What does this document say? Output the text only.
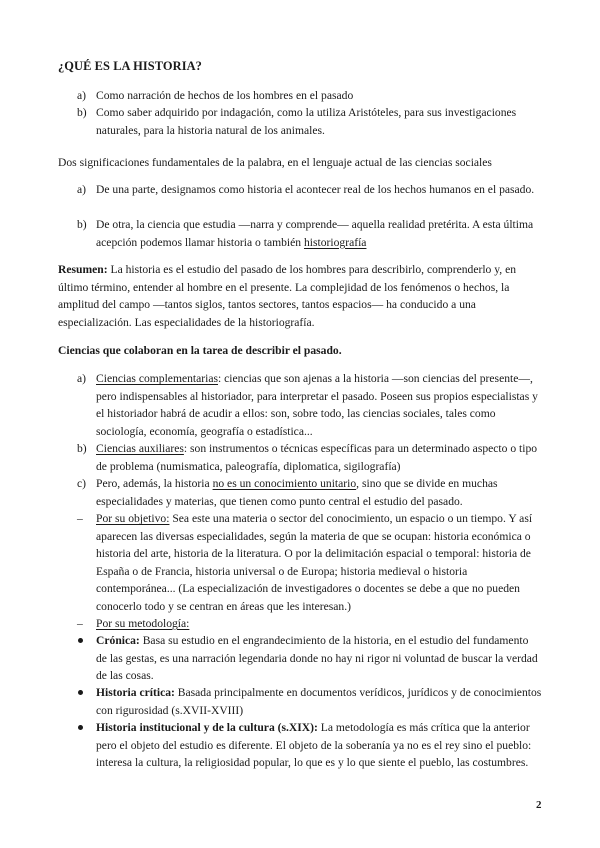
¿QUÉ ES LA HISTORIA?
a) Como narración de hechos de los hombres en el pasado
b) Como saber adquirido por indagación, como la utiliza Aristóteles, para sus investigaciones naturales, para la historia natural de los animales.
Dos significaciones fundamentales de la palabra, en el lenguaje actual de las ciencias sociales
a) De una parte, designamos como historia el acontecer real de los hechos humanos en el pasado.
b) De otra, la ciencia que estudia —narra y comprende— aquella realidad pretérita. A esta última acepción podemos llamar historia o también historiografía
Resumen: La historia es el estudio del pasado de los hombres para describirlo, comprenderlo y, en último término, entender al hombre en el presente. La complejidad de los fenómenos o hechos, la amplitud del campo —tantos siglos, tantos sectores, tantos espacios— ha conducido a una especialización. Las especialidades de la historiografía.
Ciencias que colaboran en la tarea de describir el pasado.
a) Ciencias complementarias: ciencias que son ajenas a la historia —son ciencias del presente—, pero indispensables al historiador, para interpretar el pasado. Poseen sus propios especialistas y el historiador habrá de acudir a ellos: son, sobre todo, las ciencias sociales, tales como sociología, economía, geografía o estadística...
b) Ciencias auxiliares: son instrumentos o técnicas específicas para un determinado aspecto o tipo de problema (numismatica, paleografía, diplomatica, sigilografía)
c) Pero, además, la historia no es un conocimiento unitario, sino que se divide en muchas especialidades y materias, que tienen como punto central el estudio del pasado.
– Por su objetivo: Sea este una materia o sector del conocimiento, un espacio o un tiempo. Y así aparecen las diversas especialidades, según la materia de que se ocupan: historia económica o historia del arte, historia de la literatura. O por la delimitación espacial o temporal: historia de España o de Francia, historia universal o de Europa; historia medieval o historia contemporánea... (La especialización de investigadores o docentes se debe a que no pueden conocerlo todo y se centran en áreas que les interesan.)
– Por su metodología:
Crónica: Basa su estudio en el engrandecimiento de la historia, en el estudio del fundamento de las gestas, es una narración legendaria donde no hay ni rigor ni voluntad de buscar la verdad de las cosas.
Historia crítica: Basada principalmente en documentos verídicos, jurídicos y de conocimientos con rigurosidad (s.XVII-XVIII)
Historia institucional y de la cultura (s.XIX): La metodología es más crítica que la anterior pero el objeto del estudio es diferente. El objeto de la soberanía ya no es el rey sino el pueblo: interesa la cultura, la religiosidad popular, lo que es y lo que siente el pueblo, las costumbres.
2
